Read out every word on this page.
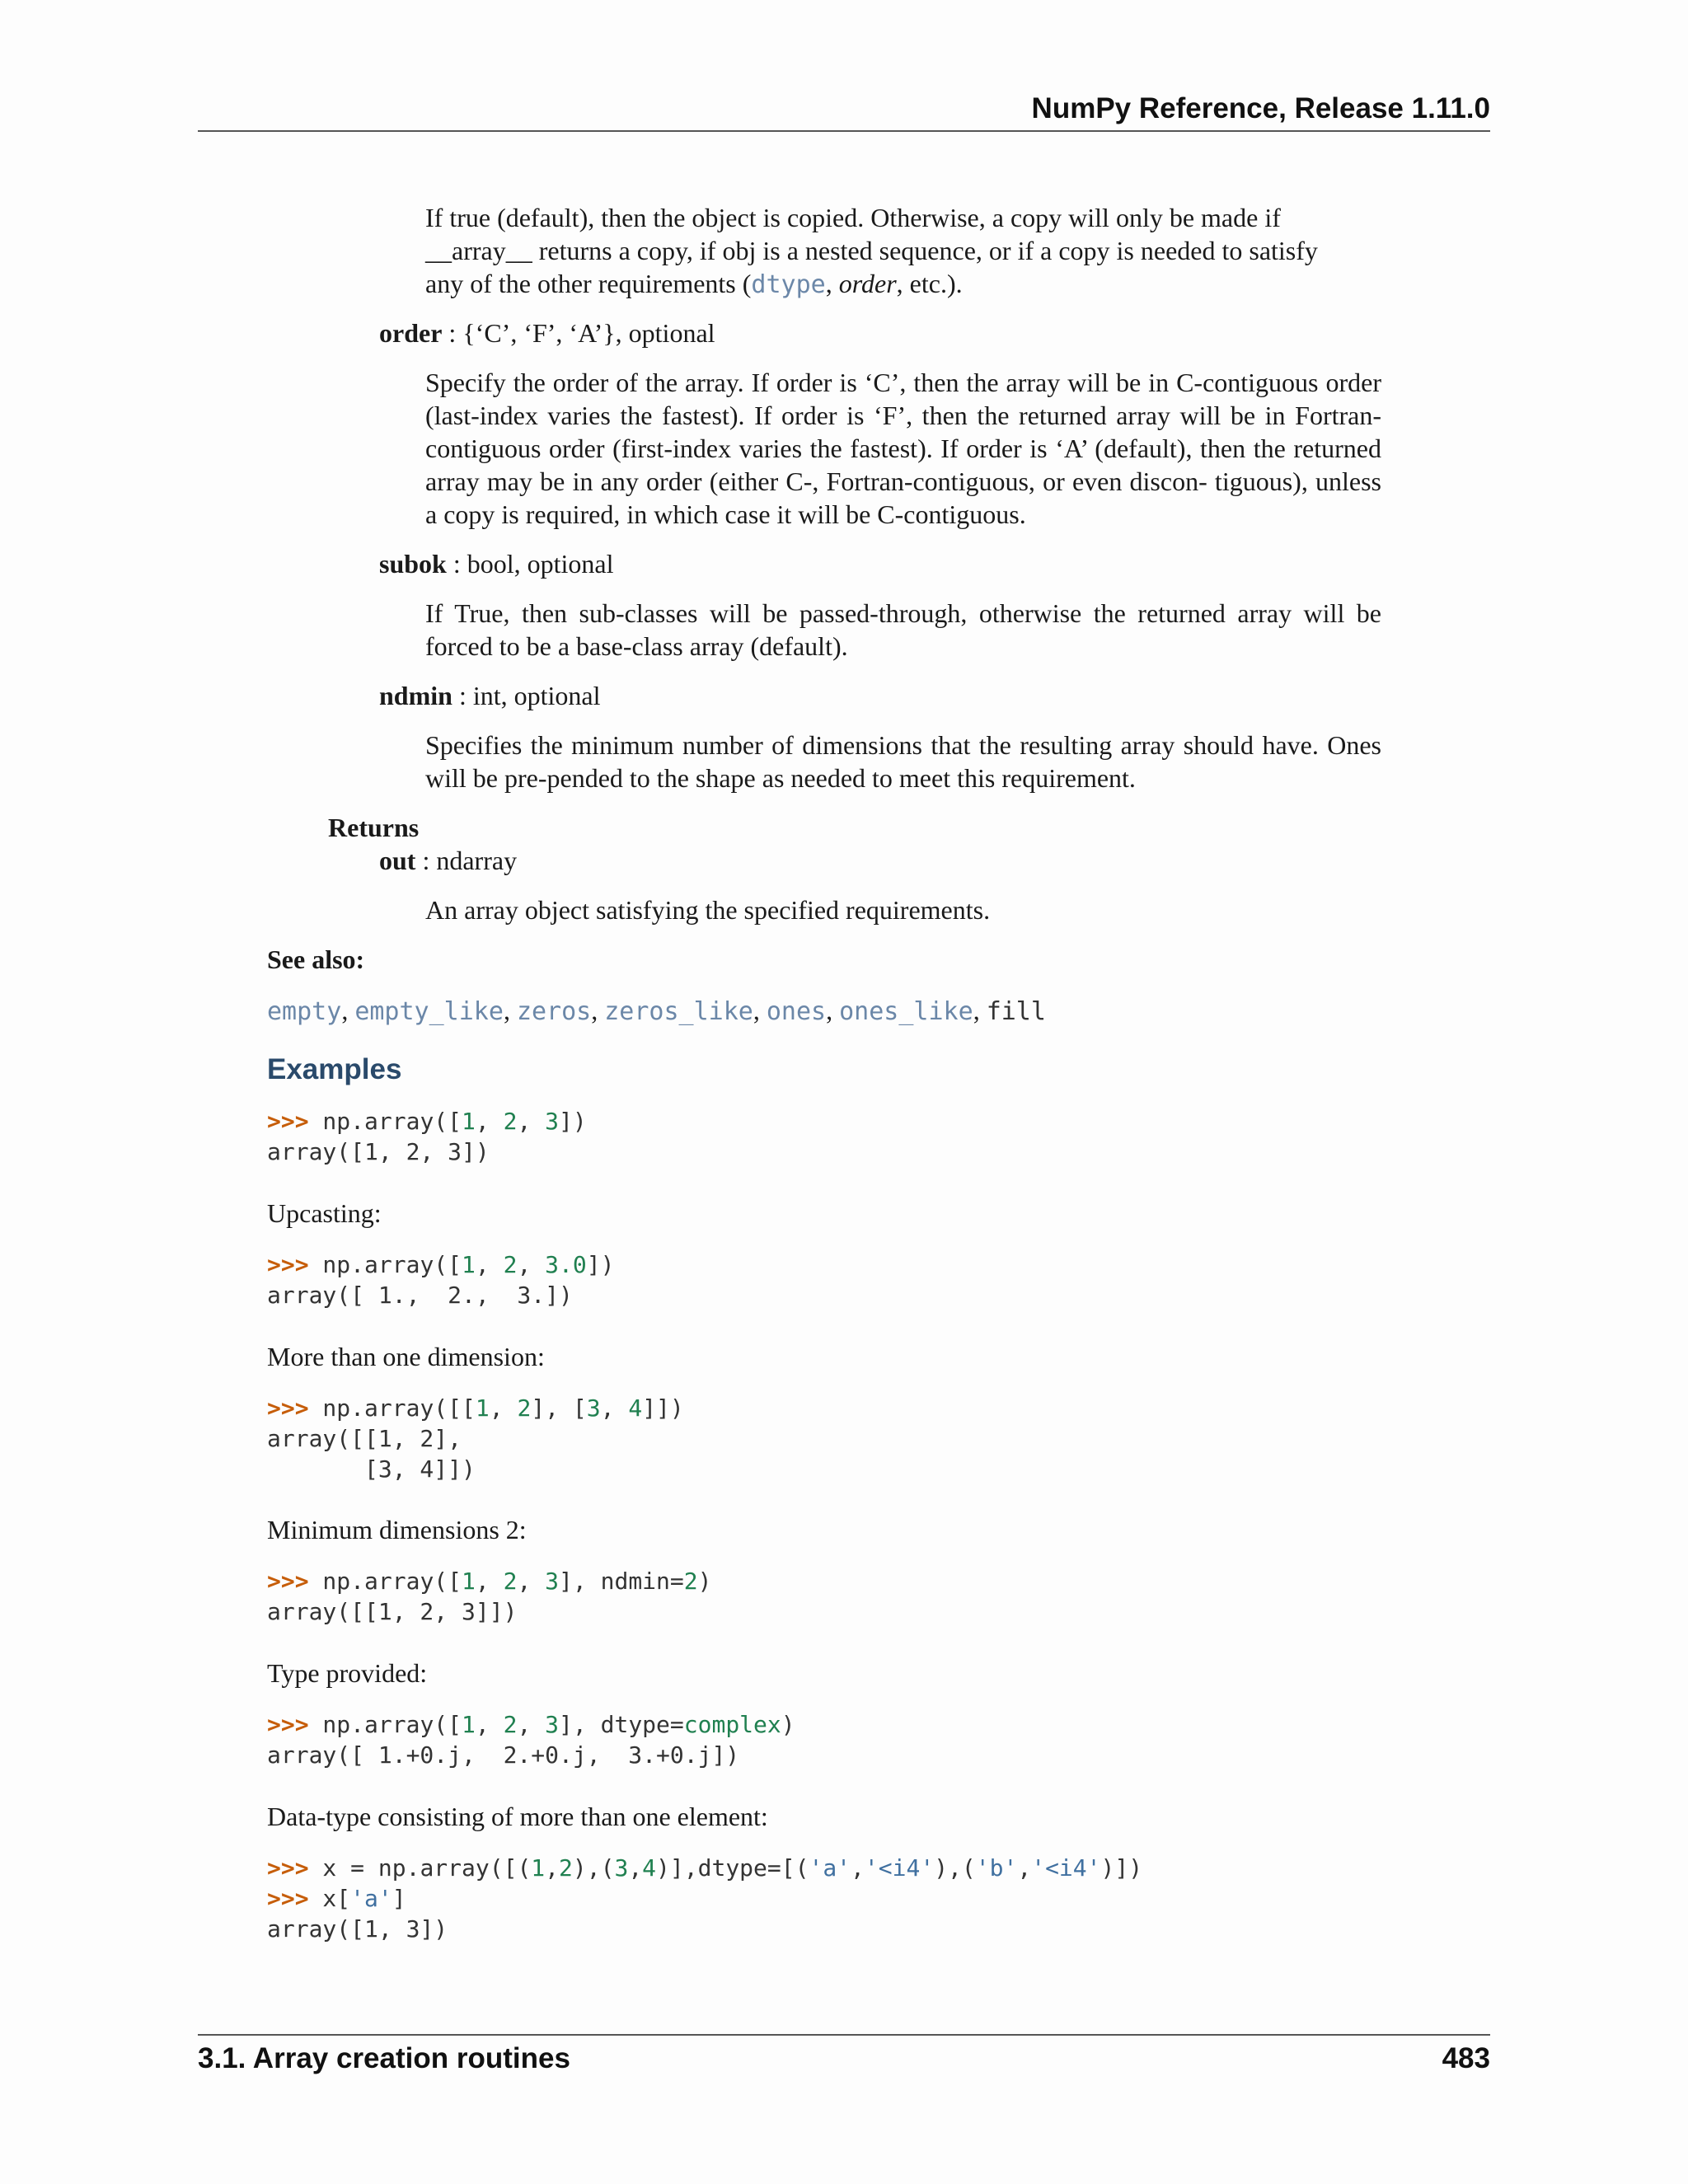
NumPy Reference, Release 1.11.0

If true (default), then the object is copied. Otherwise, a copy will only be made if

__array__ returns a copy, if obj is a nested sequence, or if a copy is needed to satisfy

any of the other requirements (dtype, order, etc.).

order : {‘C’, ‘F’, ‘A’}, optional

Specify the order of the array. If order is ‘C’, then the array will be in C-contiguous order (last-index varies the fastest). If order is ‘F’, then the returned array will be in Fortran-contiguous order (first-index varies the fastest). If order is ‘A’ (default), then the returned array may be in any order (either C-, Fortran-contiguous, or even discon- tiguous), unless a copy is required, in which case it will be C-contiguous.

subok : bool, optional

If True, then sub-classes will be passed-through, otherwise the returned array will be forced to be a base-class array (default).

ndmin : int, optional

Specifies the minimum number of dimensions that the resulting array should have. Ones will be pre-pended to the shape as needed to meet this requirement.

Returns
out : ndarray

An array object satisfying the specified requirements.

See also:
empty, empty_like, zeros, zeros_like, ones, ones_like, fill
Examples
>>> np.array([1, 2, 3])
array([1, 2, 3])
Upcasting:
>>> np.array([1, 2, 3.0])
array([ 1.,  2.,  3.])
More than one dimension:
>>> np.array([[1, 2], [3, 4]])
array([[1, 2],
[3, 4]])
Minimum dimensions 2:
>>> np.array([1, 2, 3], ndmin=2)
array([[1, 2, 3]])
Type provided:
>>> np.array([1, 2, 3], dtype=complex)
array([ 1.+0.j,  2.+0.j,  3.+0.j])
Data-type consisting of more than one element:
>>> x = np.array([(1,2),(3,4)],dtype=[('a','<i4'),('b','<i4')])
>>> x['a']
array([1, 3])
3.1. Array creation routines	483
